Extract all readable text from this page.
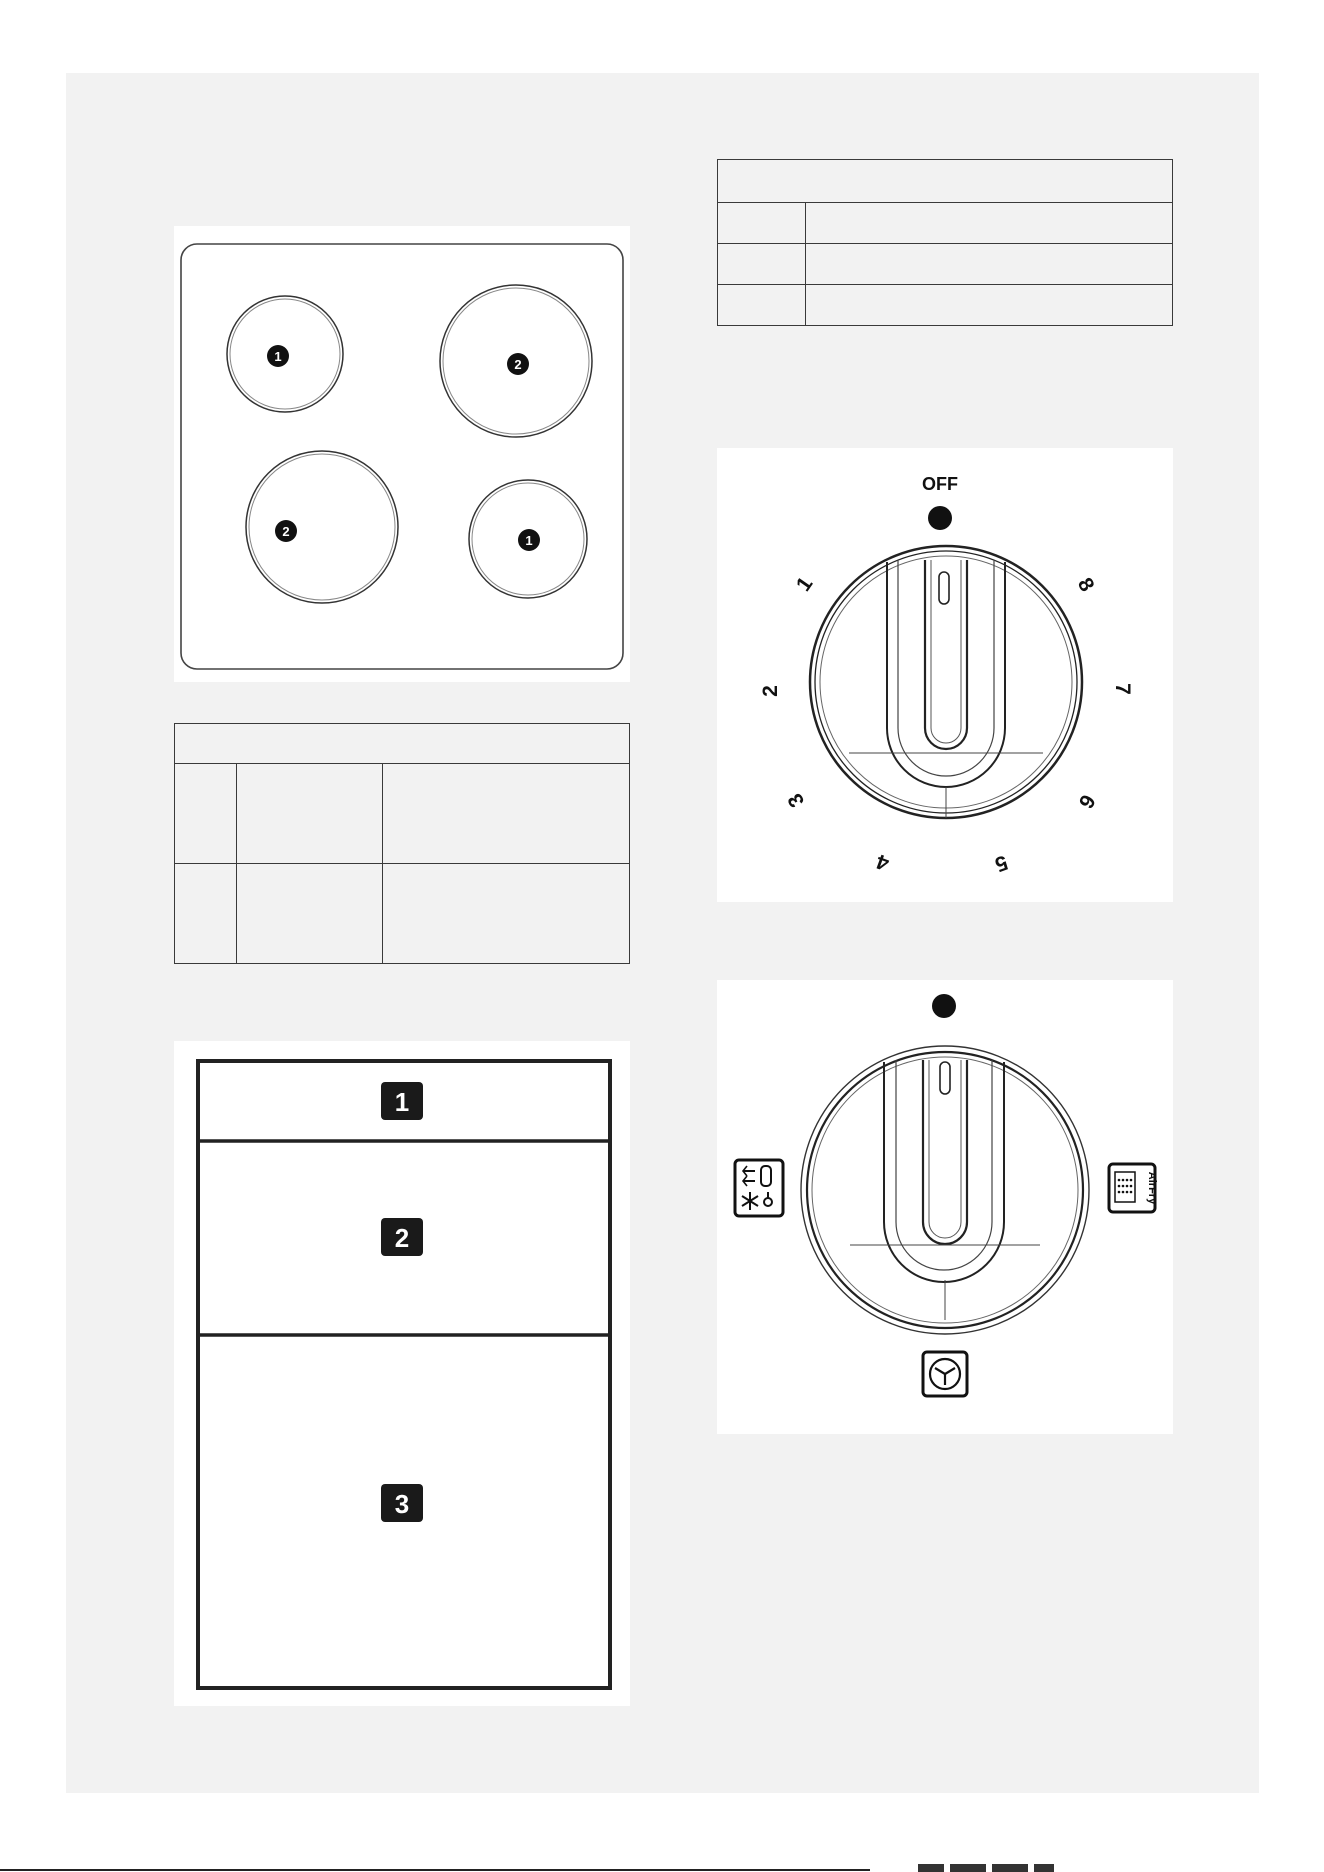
1
2
2
1

1
2
3

OFF
1
2
3
4	5
6
7
8
AirFry
